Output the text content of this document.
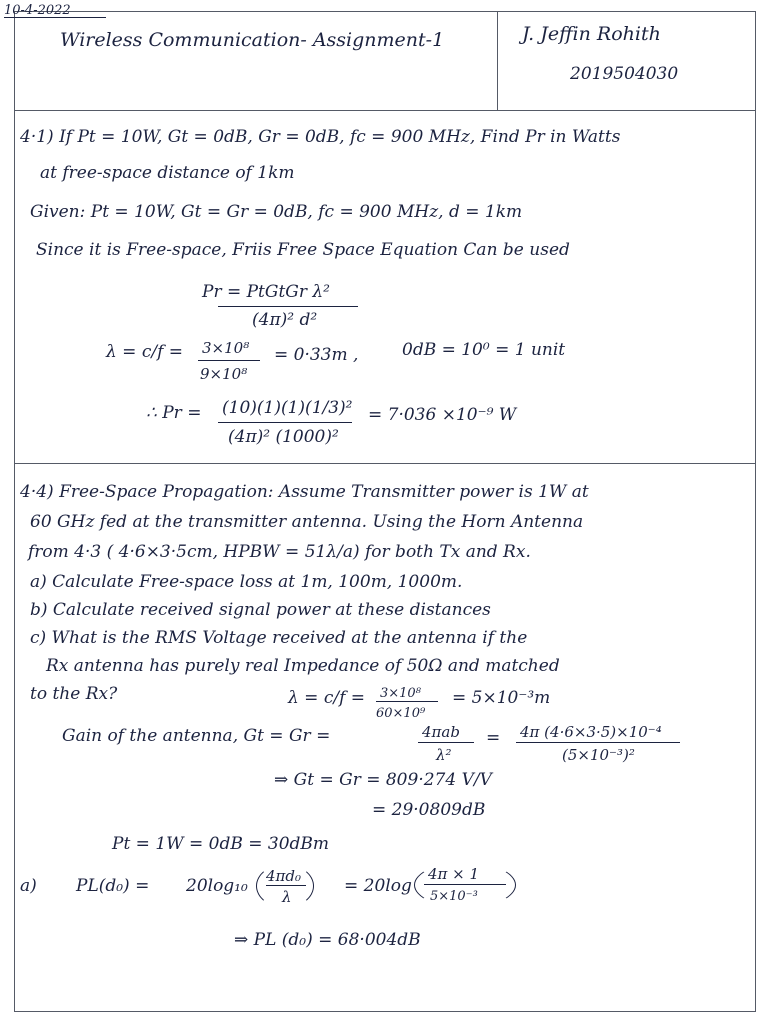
10-4-2022
Wireless Communication- Assignment-1	J. Jeffin Rohith
2019504030
4·1) If Pt = 10W, Gt = 0dB, Gr = 0dB, fc = 900 MHz, Find Pr in Watts
at free-space distance of 1km
Given: Pt = 10W, Gt = Gr = 0dB, fc = 900 MHz, d = 1km
Since it is Free-space, Friis Free Space Equation Can be used
Pr = PtGtGr λ²
(4π)² d²
λ = c/f = 3×10⁸
9×10⁸
= 0·33m ,	0dB = 10⁰ = 1 unit
∴ Pr = (10)(1)(1)(1/3)²
(4π)² (1000)²
= 7·036 ×10⁻⁹ W
4·4) Free-Space Propagation: Assume Transmitter power is 1W at
60 GHz fed at the transmitter antenna. Using the Horn Antenna
from 4·3 ( 4·6×3·5cm, HPBW = 51λ/a) for both Tx and Rx.
a) Calculate Free-space loss at 1m, 100m, 1000m.
b) Calculate received signal power at these distances
c) What is the RMS Voltage received at the antenna if the
Rx antenna has purely real Impedance of 50Ω and matched
to the Rx?	λ = c/f = 3×10⁸
60×10⁹
= 5×10⁻³m
Gain of the antenna, Gt = Gr =	4πab
λ²
= 4π (4·6×3·5)×10⁻⁴
(5×10⁻³)²
⇒ Gt = Gr = 809·274 V/V
= 29·0809dB
Pt = 1W = 0dB = 30dBm
a) PL(d₀) = 20log₁₀ 4πd₀
λ
= 20log
4π × 1
5×10⁻³
⇒ PL (d₀) = 68·004dB
